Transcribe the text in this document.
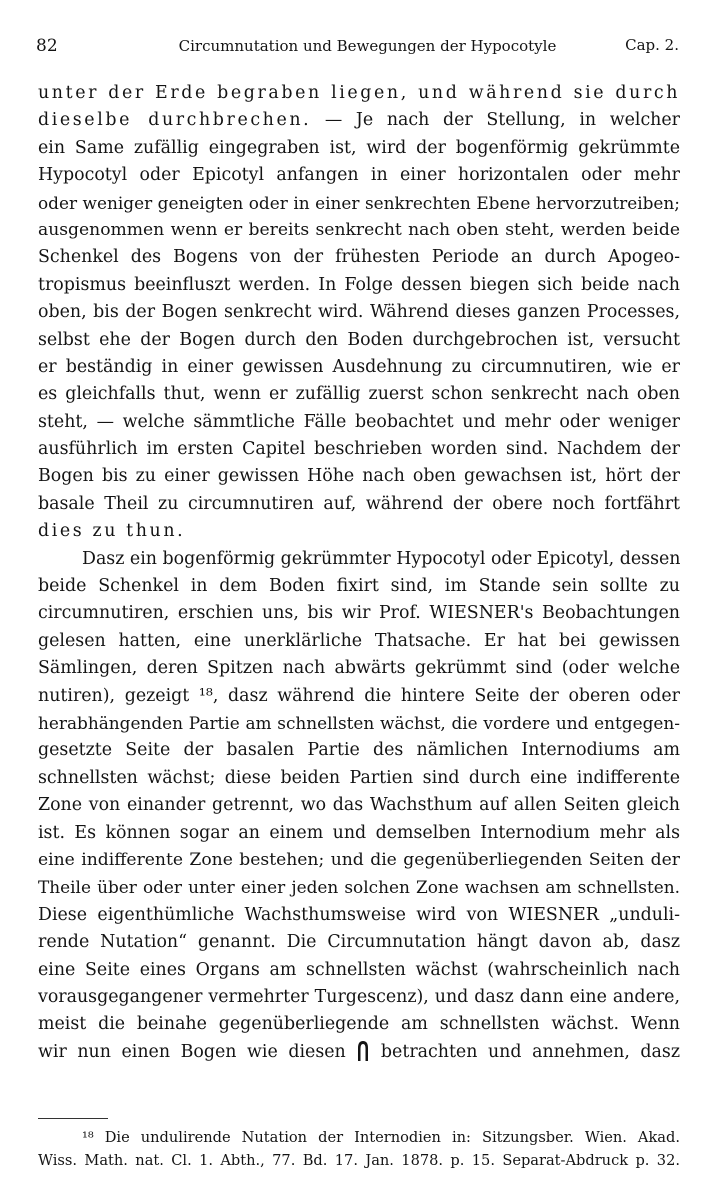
82	Circumnutation und Bewegungen der Hypocotyle	Cap. 2.
unter der Erde begraben liegen, und während sie durch
dieselbe durchbrechen. — Je nach der Stellung, in welcher
ein Same zufällig eingegraben ist, wird der bogenförmig gekrümmte
Hypocotyl oder Epicotyl anfangen in einer horizontalen oder mehr
oder weniger geneigten oder in einer senkrechten Ebene hervorzutreiben;
ausgenommen wenn er bereits senkrecht nach oben steht, werden beide
Schenkel des Bogens von der frühesten Periode an durch Apogeo-
tropismus beeinfluszt werden. In Folge dessen biegen sich beide nach
oben, bis der Bogen senkrecht wird. Während dieses ganzen Processes,
selbst ehe der Bogen durch den Boden durchgebrochen ist, versucht
er beständig in einer gewissen Ausdehnung zu circumnutiren, wie er
es gleichfalls thut, wenn er zufällig zuerst schon senkrecht nach oben
steht, — welche sämmtliche Fälle beobachtet und mehr oder weniger
ausführlich im ersten Capitel beschrieben worden sind. Nachdem der
Bogen bis zu einer gewissen Höhe nach oben gewachsen ist, hört der
basale Theil zu circumnutiren auf, während der obere noch fortfährt
dies zu thun.
Dasz ein bogenförmig gekrümmter Hypocotyl oder Epicotyl, dessen
beide Schenkel in dem Boden fixirt sind, im Stande sein sollte zu
circumnutiren, erschien uns, bis wir Prof. WIESNER's Beobachtungen
gelesen hatten, eine unerklärliche Thatsache. Er hat bei gewissen
Sämlingen, deren Spitzen nach abwärts gekrümmt sind (oder welche
nutiren), gezeigt ¹⁸, dasz während die hintere Seite der oberen oder
herabhängenden Partie am schnellsten wächst, die vordere und entgegen-
gesetzte Seite der basalen Partie des nämlichen Internodiums am
schnellsten wächst; diese beiden Partien sind durch eine indifferente
Zone von einander getrennt, wo das Wachsthum auf allen Seiten gleich
ist. Es können sogar an einem und demselben Internodium mehr als
eine indifferente Zone bestehen; und die gegenüberliegenden Seiten der
Theile über oder unter einer jeden solchen Zone wachsen am schnellsten.
Diese eigenthümliche Wachsthumsweise wird von WIESNER „unduli-
rende Nutation“ genannt. Die Circumnutation hängt davon ab, dasz
eine Seite eines Organs am schnellsten wächst (wahrscheinlich nach
vorausgegangener vermehrter Turgescenz), und dasz dann eine andere,
meist die beinahe gegenüberliegende am schnellsten wächst. Wenn
wir nun einen Bogen wie diesen betrachten und annehmen, dasz
¹⁸ Die undulirende Nutation der Internodien in: Sitzungsber. Wien. Akad.
Wiss. Math. nat. Cl. 1. Abth., 77. Bd. 17. Jan. 1878. p. 15. Separat-Abdruck p. 32.
